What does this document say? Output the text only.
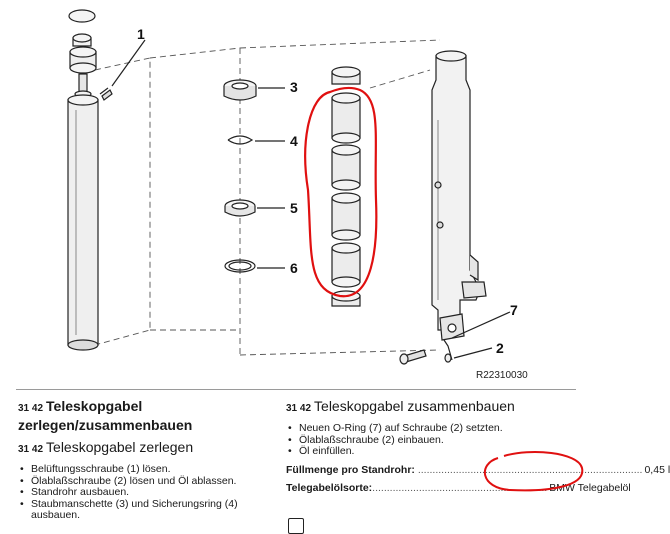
1
2
3
4
5
6
7
R22310030
31 42 Teleskopgabel zerlegen/zusammenbauen
31 42 Teleskopgabel zerlegen
• Belüftungsschraube (1) lösen.
• Ölablaßschraube (2) lösen und Öl ablassen.
• Standrohr ausbauen.
• Staubmanschette (3) und Sicherungsring (4) ausbauen.
31 42 Teleskopgabel zusammenbauen
• Neuen O-Ring (7) auf Schraube (2) setzten.
• Ölablaßschraube (2) einbauen.
• Öl einfüllen.
Füllmenge pro Standrohr: ............................................................................. 0,45 l
Telegabelölsorte: ............................................................ BMW Telegabelöl
